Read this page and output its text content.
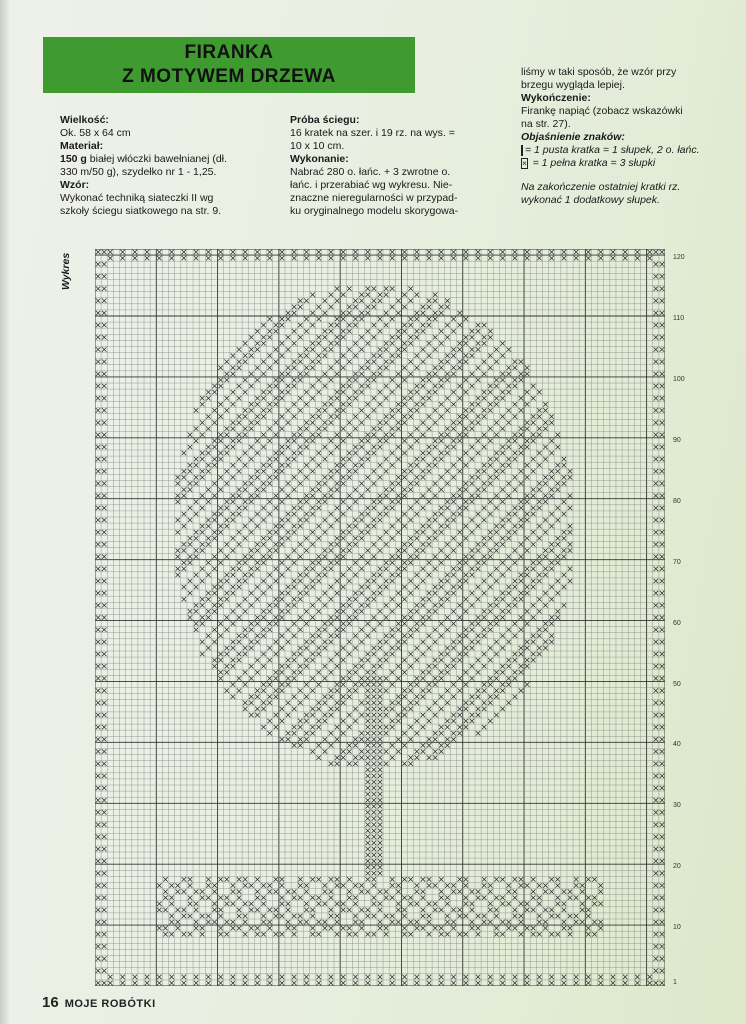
FIRANKA
Z MOTYWEM DRZEWA
Wielkość:
Ok. 58 x 64 cm
Materiał:
150 g białej włóczki bawełnianej (dł.
330 m/50 g), szydełko nr 1 - 1,25.
Wzór:
Wykonać techniką siateczki II wg
szkoły ściegu siatkowego na str. 9.
Próba ściegu:
16 kratek na szer. i 19 rz. na wys. =
10 x 10 cm.
Wykonanie:
Nabrać 280 o. łańc. + 3 zwrotne o.
łańc. i przerabiać wg wykresu. Nie-
znaczne nieregularności w przypad-
ku oryginalnego modelu skorygowa-
liśmy w taki sposób, że wzór przy
brzegu wygląda lepiej.
Wykończenie:
Firankę napiąć (zobacz wskazówki
na str. 27).
Objaśnienie znaków:
= 1 pusta kratka = 1 słupek, 2 o. łańc.
× = 1 pełna kratka = 3 słupki
Na zakończenie ostatniej kratki rz.
wykonać 1 dodatkowy słupek.
Wykres	120
110
100
90
80
70
60
50
40
30
20
10
1
16 MOJE ROBÓTKI
